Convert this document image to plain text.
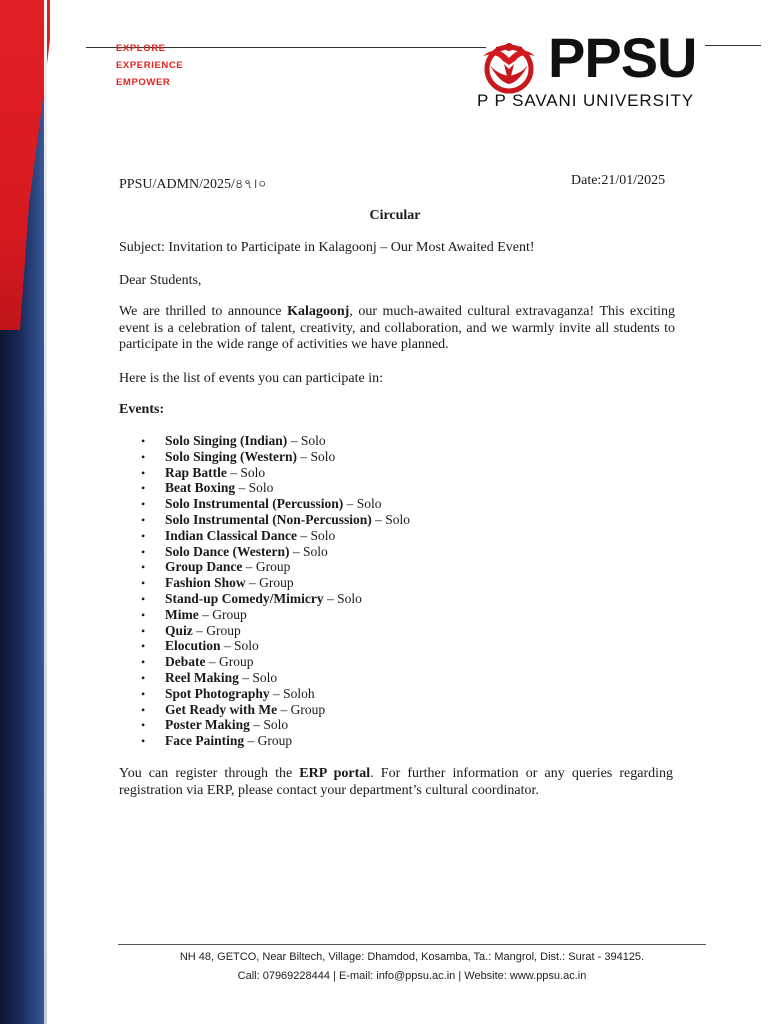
EXPLORE
EXPERIENCE
EMPOWER	PPSU
P P SAVANI UNIVERSITY
PPSU/ADMN/2025/৪৭।০	Date:21/01/2025
Circular
Subject: Invitation to Participate in Kalagoonj – Our Most Awaited Event!
Dear Students,
We are thrilled to announce Kalagoonj, our much-awaited cultural extravaganza! This exciting event is a celebration of talent, creativity, and collaboration, and we warmly invite all students to participate in the wide range of activities we have planned.
Here is the list of events you can participate in:
Events:
• Solo Singing (Indian) – Solo
• Solo Singing (Western) – Solo
• Rap Battle – Solo
• Beat Boxing – Solo
• Solo Instrumental (Percussion) – Solo
• Solo Instrumental (Non-Percussion) – Solo
• Indian Classical Dance – Solo
• Solo Dance (Western) – Solo
• Group Dance – Group
• Fashion Show – Group
• Stand-up Comedy/Mimicry – Solo
• Mime – Group
• Quiz – Group
• Elocution – Solo
• Debate – Group
• Reel Making – Solo
• Spot Photography – Soloh
• Get Ready with Me – Group
• Poster Making – Solo
• Face Painting – Group
You can register through the ERP portal. For further information or any queries regarding registration via ERP, please contact your department’s cultural coordinator.
NH 48, GETCO, Near Biltech, Village: Dhamdod, Kosamba, Ta.: Mangrol, Dist.: Surat - 394125.
Call: 07969228444 | E-mail: info@ppsu.ac.in | Website: www.ppsu.ac.in
